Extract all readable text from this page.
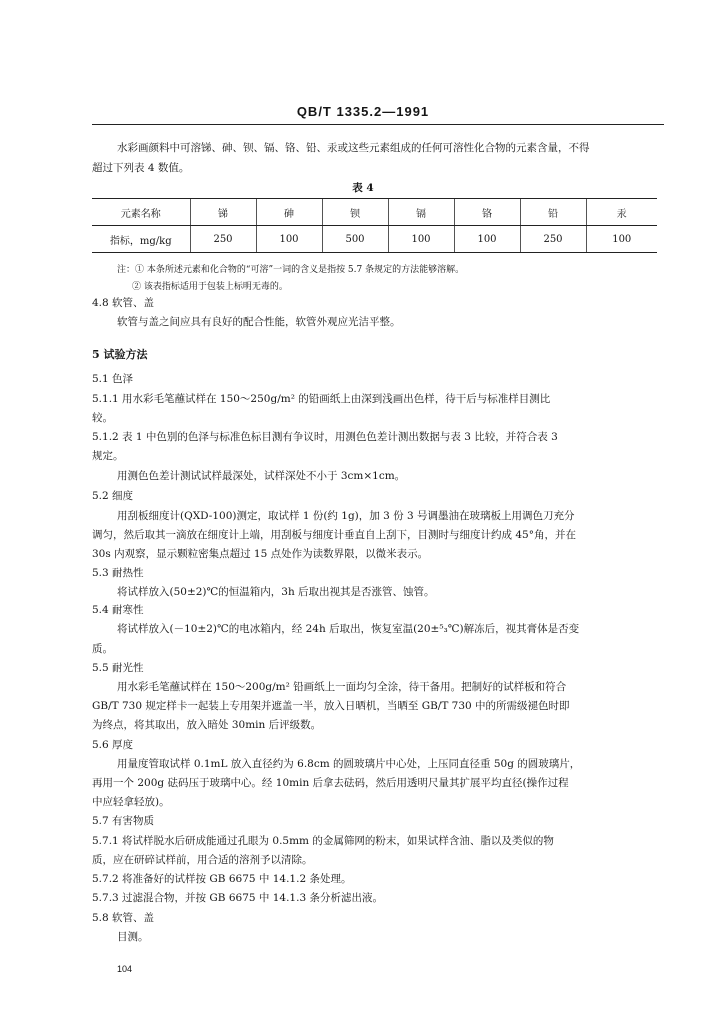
QB/T 1335.2—1991
水彩画颜料中可溶锑、砷、钡、镉、铬、铅、汞或这些元素组成的任何可溶性化合物的元素含量，不得
超过下列表 4 数值。
表 4
元素名称	锑	砷	钡	镉	铬	铅	汞
指标，mg/kg	250	100	500	100	100	250	100
注：① 本条所述元素和化合物的“可溶”一词的含义是指按 5.7 条规定的方法能够溶解。
② 该表指标适用于包装上标明无毒的。
4.8 软管、盖
软管与盖之间应具有良好的配合性能，软管外观应光洁平整。
5 试验方法
5.1 色泽
5.1.1 用水彩毛笔蘸试样在 150～250g/m² 的铅画纸上由深到浅画出色样，待干后与标准样目测比
较。
5.1.2 表 1 中色别的色泽与标准色标目测有争议时，用测色色差计测出数据与表 3 比较，并符合表 3
规定。
用测色色差计测试试样最深处，试样深处不小于 3cm×1cm。
5.2 细度
用刮板细度计(QXD-100)测定，取试样 1 份(约 1g)，加 3 份 3 号调墨油在玻璃板上用调色刀充分
调匀，然后取其一滴放在细度计上端，用刮板与细度计垂直自上刮下，目测时与细度计约成 45°角，并在
30s 内观察，显示颗粒密集点超过 15 点处作为读数界限，以微米表示。
5.3 耐热性
将试样放入(50±2)℃的恒温箱内，3h 后取出视其是否涨管、蚀管。
5.4 耐寒性
将试样放入(－10±2)℃的电冰箱内，经 24h 后取出，恢复室温(20±⁵₃℃)解冻后，视其膏体是否变
质。
5.5 耐光性
用水彩毛笔蘸试样在 150～200g/m² 铅画纸上一面均匀全涂，待干备用。把制好的试样板和符合
GB/T 730 规定样卡一起装上专用架并遮盖一半，放入日晒机，当晒至 GB/T 730 中的所需级褪色时即
为终点，将其取出，放入暗处 30min 后评级数。
5.6 厚度
用量度管取试样 0.1mL 放入直径约为 6.8cm 的圆玻璃片中心处，上压同直径重 50g 的圆玻璃片，
再用一个 200g 砝码压于玻璃中心。经 10min 后拿去砝码，然后用透明尺量其扩展平均直径(操作过程
中应轻拿轻放)。
5.7 有害物质
5.7.1 将试样脱水后研成能通过孔眼为 0.5mm 的金属筛网的粉末，如果试样含油、脂以及类似的物
质，应在研碎试样前，用合适的溶剂予以清除。
5.7.2 将准备好的试样按 GB 6675 中 14.1.2 条处理。
5.7.3 过滤混合物，并按 GB 6675 中 14.1.3 条分析滤出液。
5.8 软管、盖
目测。
104
